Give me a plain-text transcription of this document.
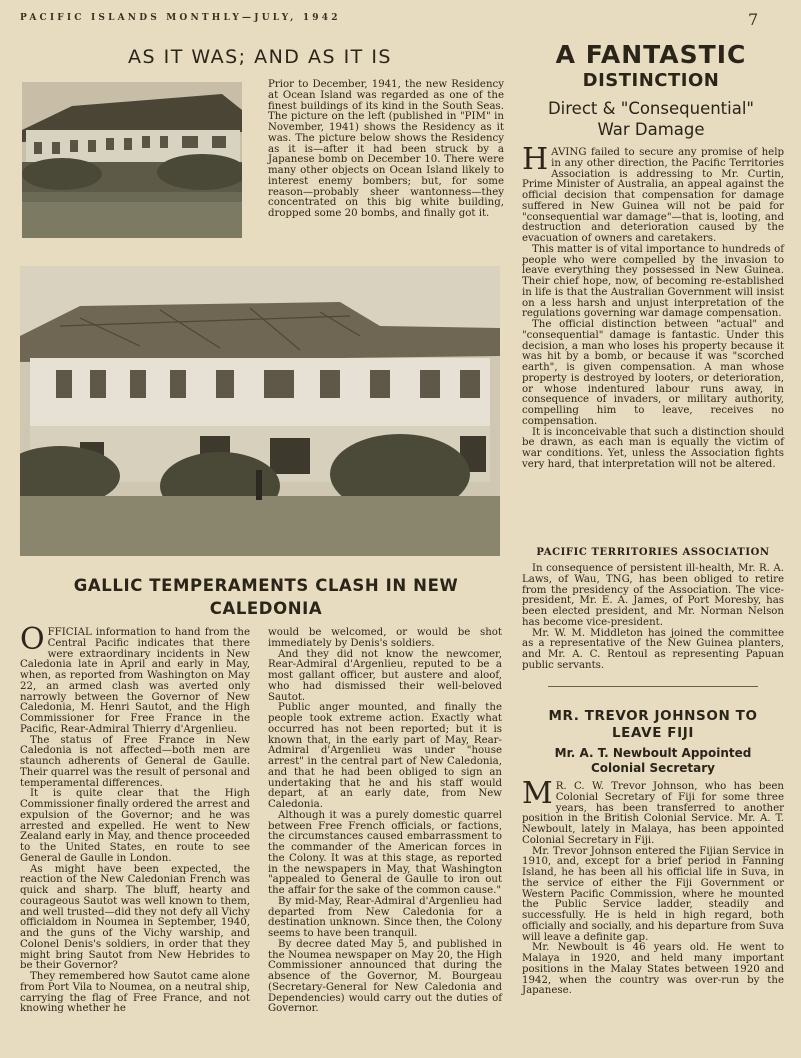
PACIFIC ISLANDS MONTHLY—JULY, 1942	7
AS IT WAS; AND AS IT IS

Prior to December, 1941, the new Residency at Ocean Island was regarded as one of the finest buildings of its kind in the South Seas. The picture on the left (published in "PIM" in November, 1941) shows the Residency as it was. The picture below shows the Residency as it is—after it had been struck by a Japanese bomb on December 10. There were many other objects on Ocean Island likely to interest enemy bombers; but, for some reason—probably sheer wantonness—they concentrated on this big white building, dropped some 20 bombs, and finally got it.

GALLIC TEMPERAMENTS CLASH IN NEW CALEDONIA

OFFICIAL information to hand from the Central Pacific indicates that there were extraordinary incidents in New Caledonia late in April and early in May, when, as reported from Washington on May 22, an armed clash was averted only narrowly between the Governor of New Caledonia, M. Henri Sautot, and the High Commissioner for Free France in the Pacific, Rear-Admiral Thierry d'Argenlieu.

The status of Free France in New Caledonia is not affected—both men are staunch adherents of General de Gaulle. Their quarrel was the result of personal and temperamental differences.

It is quite clear that the High Commissioner finally ordered the arrest and expulsion of the Governor; and he was arrested and expelled. He went to New Zealand early in May, and thence proceeded to the United States, en route to see General de Gaulle in London.

As might have been expected, the reaction of the New Caledonian French was quick and sharp. The bluff, hearty and courageous Sautot was well known to them, and well trusted—did they not defy all Vichy officialdom in Noumea in September, 1940, and the guns of the Vichy warship, and Colonel Denis's soldiers, in order that they might bring Sautot from New Hebrides to be their Governor?

They remembered how Sautot came alone from Port Vila to Noumea, on a neutral ship, carrying the flag of Free France, and not knowing whether he

would be welcomed, or would be shot immediately by Denis's soldiers.

And they did not know the newcomer, Rear-Admiral d'Argenlieu, reputed to be a most gallant officer, but austere and aloof, who had dismissed their well-beloved Sautot.

Public anger mounted, and finally the people took extreme action. Exactly what occurred has not been reported; but it is known that, in the early part of May, Rear-Admiral d'Argenlieu was under "house arrest" in the central part of New Caledonia, and that he had been obliged to sign an undertaking that he and his staff would depart, at an early date, from New Caledonia.

Although it was a purely domestic quarrel between Free French officials, or factions, the circumstances caused embarrassment to the commander of the American forces in the Colony. It was at this stage, as reported in the newspapers in May, that Washington "appealed to General de Gaulle to iron out the affair for the sake of the common cause."

By mid-May, Rear-Admiral d'Argenlieu had departed from New Caledonia for a destination unknown. Since then, the Colony seems to have been tranquil.

By decree dated May 5, and published in the Noumea newspaper on May 20, the High Commissioner announced that during the absence of the Governor, M. Bourgeau (Secretary-General for New Caledonia and Dependencies) would carry out the duties of Governor.

A FANTASTIC
DISTINCTION
Direct & "Consequential"
War Damage

HAVING failed to secure any promise of help in any other direction, the Pacific Territories Association is addressing to Mr. Curtin, Prime Minister of Australia, an appeal against the official decision that compensation for damage suffered in New Guinea will not be paid for "consequential war damage"—that is, looting, and destruction and deterioration caused by the evacuation of owners and caretakers.

This matter is of vital importance to hundreds of people who were compelled by the invasion to leave everything they possessed in New Guinea. Their chief hope, now, of becoming re-established in life is that the Australian Government will insist on a less harsh and unjust interpretation of the regulations governing war damage compensation.

The official distinction between "actual" and "consequential" damage is fantastic. Under this decision, a man who loses his property because it was hit by a bomb, or because it was "scorched earth", is given compensation. A man whose property is destroyed by looters, or deterioration, or whose indentured labour runs away, in consequence of invaders, or military authority, compelling him to leave, receives no compensation.

It is inconceivable that such a distinction should be drawn, as each man is equally the victim of war conditions. Yet, unless the Association fights very hard, that interpretation will not be altered.

PACIFIC TERRITORIES ASSOCIATION

In consequence of persistent ill-health, Mr. R. A. Laws, of Wau, TNG, has been obliged to retire from the presidency of the Association. The vice-president, Mr. E. A. James, of Port Moresby, has been elected president, and Mr. Norman Nelson has become vice-president.

Mr. W. M. Middleton has joined the committee as a representative of the New Guinea planters, and Mr. A. C. Rentoul as representing Papuan public servants.

MR. TREVOR JOHNSON TO
LEAVE FIJI
Mr. A. T. Newboult Appointed
Colonial Secretary

M R. C. W. Trevor Johnson, who has been Colonial Secretary of Fiji for some three years, has been transferred to another position in the British Colonial Service. Mr. A. T. Newboult, lately in Malaya, has been appointed Colonial Secretary in Fiji.

Mr. Trevor Johnson entered the Fijian Service in 1910, and, except for a brief period in Fanning Island, he has been all his official life in Suva, in the service of either the Fiji Government or Western Pacific Commission, where he mounted the Public Service ladder, steadily and successfully. He is held in high regard, both officially and socially, and his departure from Suva will leave a definite gap.

Mr. Newboult is 46 years old. He went to Malaya in 1920, and held many important positions in the Malay States between 1920 and 1942, when the country was over-run by the Japanese.
